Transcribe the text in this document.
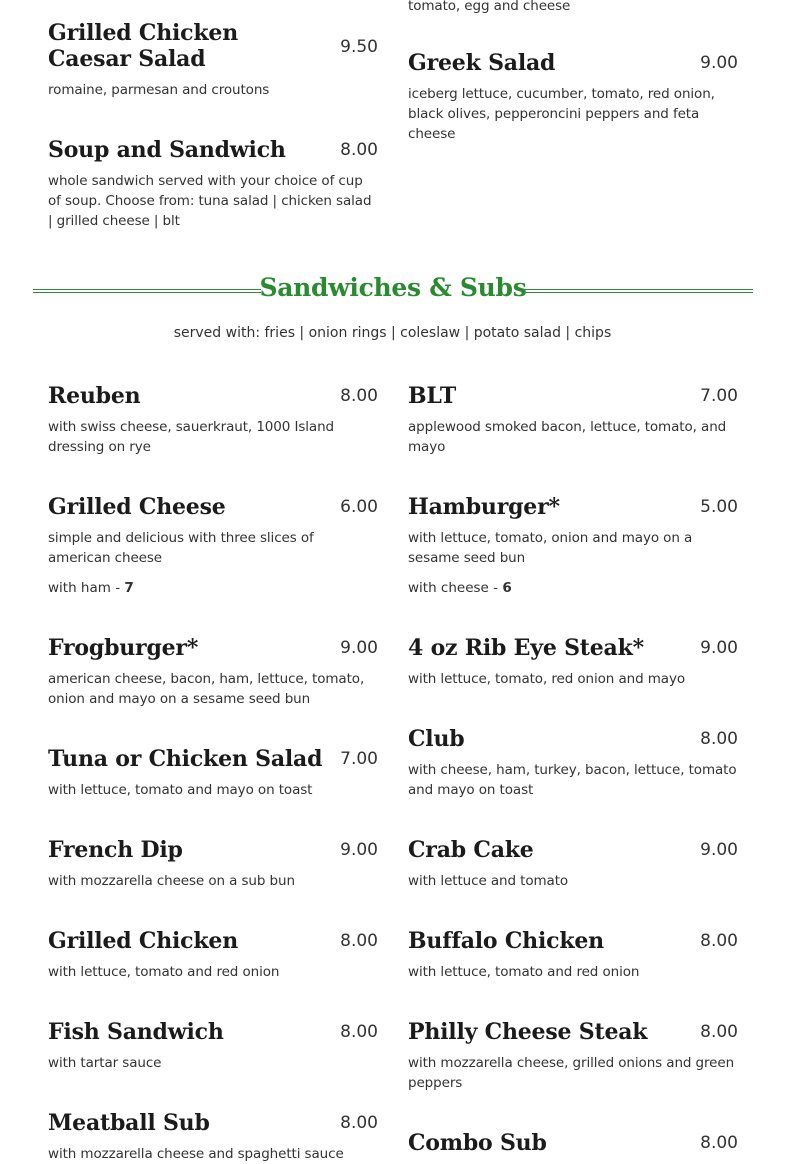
tomato, egg and cheese
Grilled Chicken Caesar Salad	9.50
romaine, parmesan and croutons
Soup and Sandwich	8.00
whole sandwich served with your choice of cup of soup. Choose from: tuna salad | chicken salad | grilled cheese | blt
Greek Salad	9.00
iceberg lettuce, cucumber, tomato, red onion, black olives, pepperoncini peppers and feta cheese
Sandwiches & Subs
served with: fries | onion rings | coleslaw | potato salad | chips
Reuben	8.00
with swiss cheese, sauerkraut, 1000 Island dressing on rye
Grilled Cheese	6.00
simple and delicious with three slices of american cheese
with ham - 7
Frogburger*	9.00
american cheese, bacon, ham, lettuce, tomato, onion and mayo on a sesame seed bun
Tuna or Chicken Salad	7.00
with lettuce, tomato and mayo on toast
French Dip	9.00
with mozzarella cheese on a sub bun
Grilled Chicken	8.00
with lettuce, tomato and red onion
Fish Sandwich	8.00
with tartar sauce
Meatball Sub	8.00
with mozzarella cheese and spaghetti sauce
BLT	7.00
applewood smoked bacon, lettuce, tomato, and mayo
Hamburger*	5.00
with lettuce, tomato, onion and mayo on a sesame seed bun
with cheese - 6
4 oz Rib Eye Steak*	9.00
with lettuce, tomato, red onion and mayo
Club	8.00
with cheese, ham, turkey, bacon, lettuce, tomato and mayo on toast
Crab Cake	9.00
with lettuce and tomato
Buffalo Chicken	8.00
with lettuce, tomato and red onion
Philly Cheese Steak	8.00
with mozzarella cheese, grilled onions and green peppers
Combo Sub	8.00
